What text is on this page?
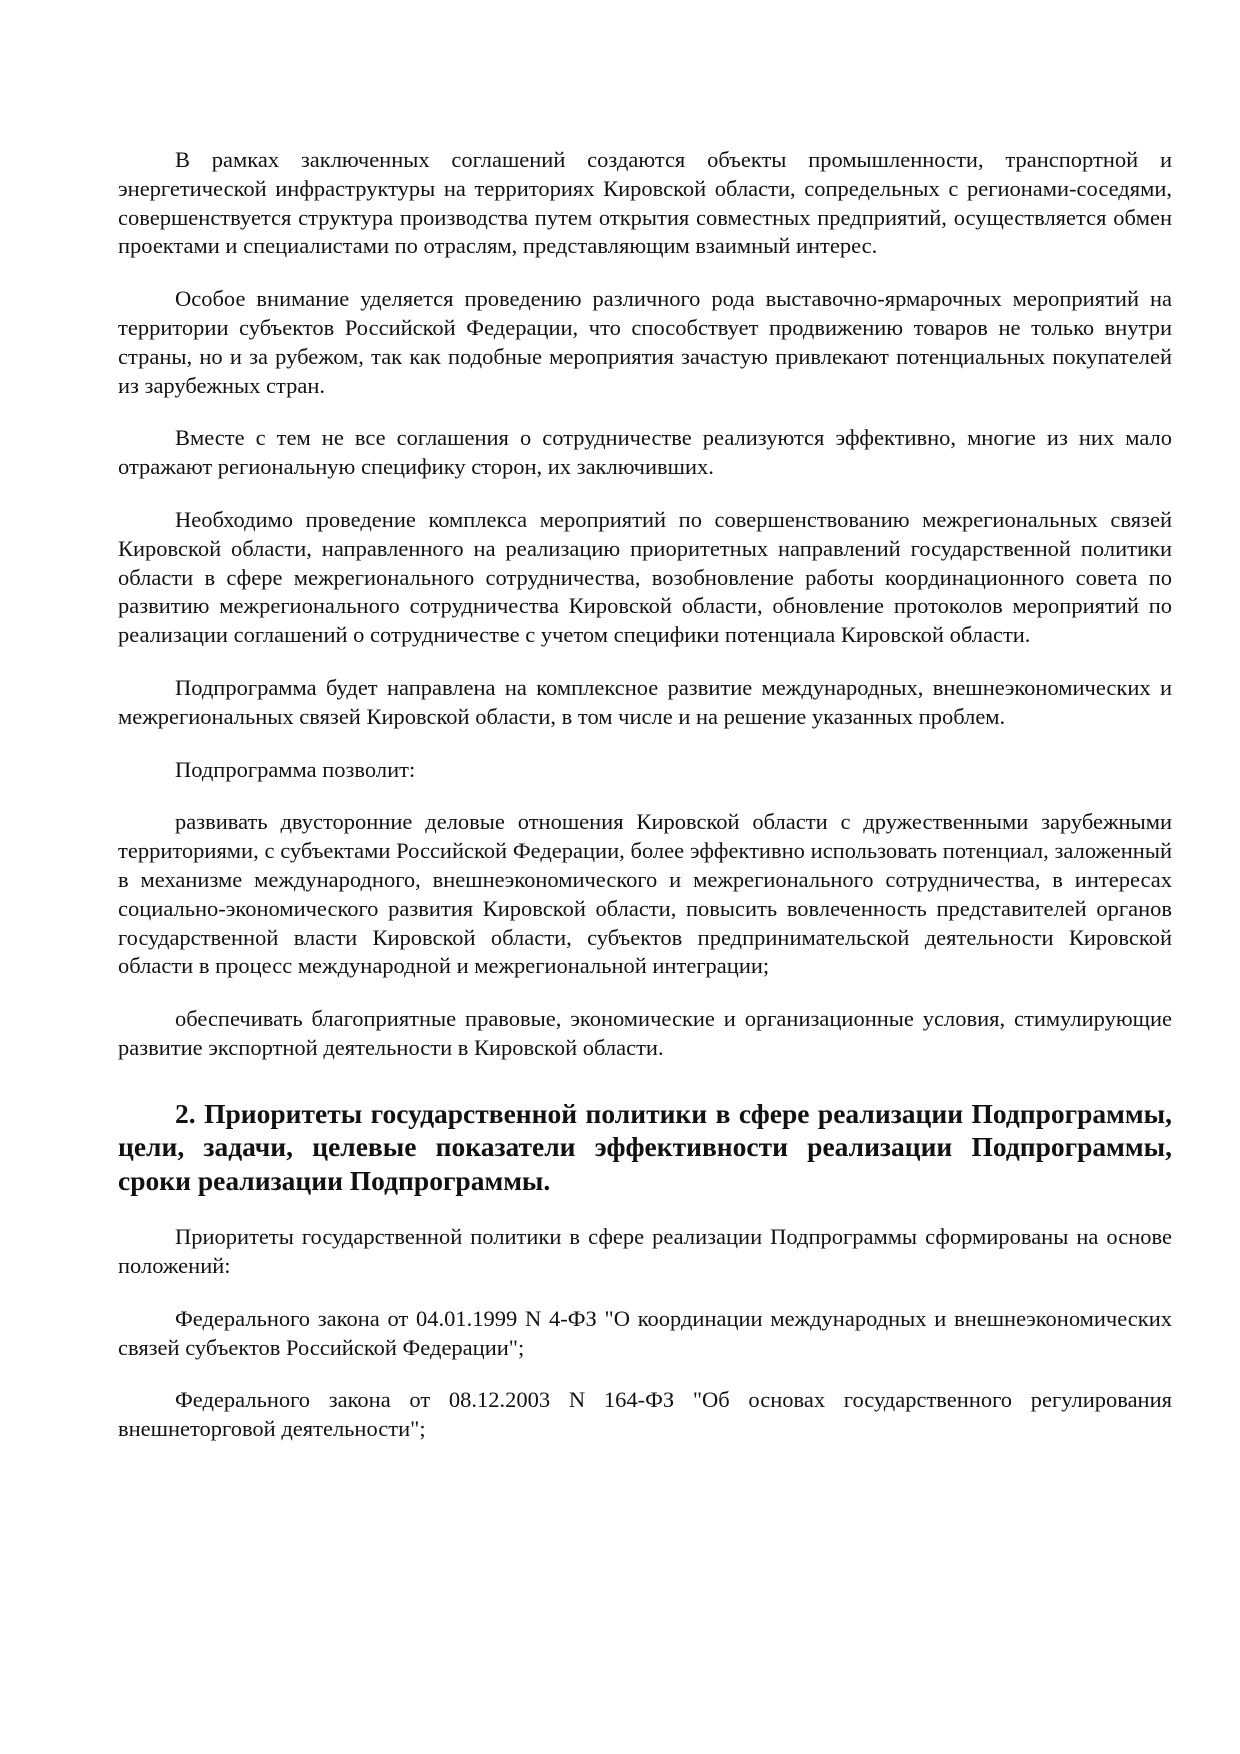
В рамках заключенных соглашений создаются объекты промышленности, транспортной и энергетической инфраструктуры на территориях Кировской области, сопредельных с регионами-соседями, совершенствуется структура производства путем открытия совместных предприятий, осуществляется обмен проектами и специалистами по отраслям, представляющим взаимный интерес.

Особое внимание уделяется проведению различного рода выставочно-ярмарочных мероприятий на территории субъектов Российской Федерации, что способствует продвижению товаров не только внутри страны, но и за рубежом, так как подобные мероприятия зачастую привлекают потенциальных покупателей из зарубежных стран.

Вместе с тем не все соглашения о сотрудничестве реализуются эффективно, многие из них мало отражают региональную специфику сторон, их заключивших.

Необходимо проведение комплекса мероприятий по совершенствованию межрегиональных связей Кировской области, направленного на реализацию приоритетных направлений государственной политики области в сфере межрегионального сотрудничества, возобновление работы координационного совета по развитию межрегионального сотрудничества Кировской области, обновление протоколов мероприятий по реализации соглашений о сотрудничестве с учетом специфики потенциала Кировской области.

Подпрограмма будет направлена на комплексное развитие международных, внешнеэкономических и межрегиональных связей Кировской области, в том числе и на решение указанных проблем.

Подпрограмма позволит:

развивать двусторонние деловые отношения Кировской области с дружественными зарубежными территориями, с субъектами Российской Федерации, более эффективно использовать потенциал, заложенный в механизме международного, внешнеэкономического и межрегионального сотрудничества, в интересах социально-экономического развития Кировской области, повысить вовлеченность представителей органов государственной власти Кировской области, субъектов предпринимательской деятельности Кировской области в процесс международной и межрегиональной интеграции;

обеспечивать благоприятные правовые, экономические и организационные условия, стимулирующие развитие экспортной деятельности в Кировской области.

2. Приоритеты государственной политики в сфере реализации Подпрограммы, цели, задачи, целевые показатели эффективности реализации Подпрограммы, сроки реализации Подпрограммы.

Приоритеты государственной политики в сфере реализации Подпрограммы сформированы на основе положений:

Федерального закона от 04.01.1999 N 4-ФЗ "О координации международных и внешнеэкономических связей субъектов Российской Федерации";

Федерального закона от 08.12.2003 N 164-ФЗ "Об основах государственного регулирования внешнеторговой деятельности";
